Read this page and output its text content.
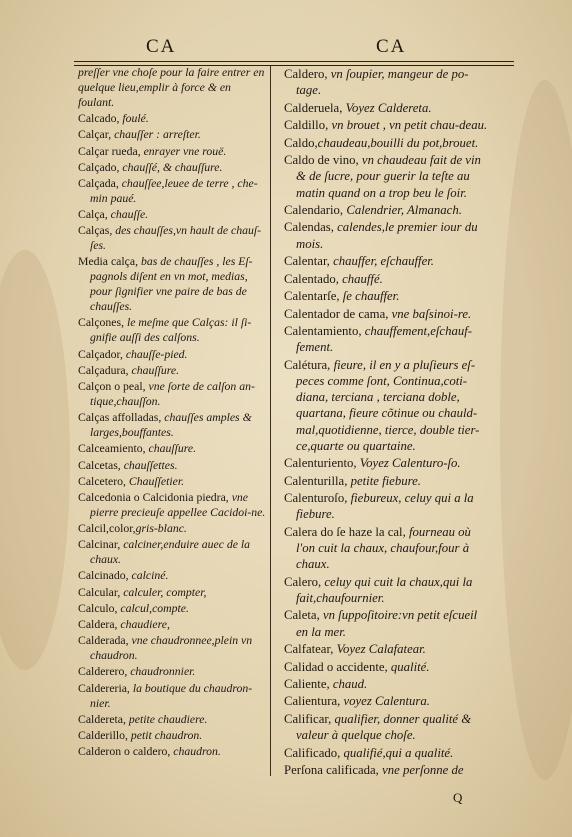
CA	CA

preſſer vne choſe pour la faire entrer en quelque lieu,emplir à force & en foulant.

Calcado, foulé.

Calçar, chauſſer : arreſter.

Calçar rueda, enrayer vne rouë.

Calçado, chauſſé, & chauſſure.

Calçada, chauſſee,leuee de terre , che-min paué.

Calça, chauſſe.

Calças, des chauſſes,vn hault de chauſ-ſes.

Media calça, bas de chauſſes , les Eſ-pagnols diſent en vn mot, medias, pour ſignifier vne paire de bas de chauſſes.

Calçones, le meſme que Calças: il ſi-gnifie auſſi des calſons.

Calçador, chauſſe-pied.

Calçadura, chauſſure.

Calçon o peal, vne ſorte de calſon an-tique,chauſſon.

Calças affolladas, chauſſes amples & larges,bouffantes.

Calceamiento, chauſſure.

Calcetas, chauſſettes.

Calcetero, Chauſſetier.

Calcedonia o Calcidonia piedra, vne pierre precieuſe appellee Cacidoi-ne.

Calcil,color,gris-blanc.

Calcinar, calciner,enduire auec de la chaux.

Calcinado, calciné.

Calcular, calculer, compter,

Calculo, calcul,compte.

Caldera, chaudiere,

Calderada, vne chaudronnee,plein vn chaudron.

Calderero, chaudronnier.

Caldereria, la boutique du chaudron-nier.

Caldereta, petite chaudiere.

Calderillo, petit chaudron.

Calderon o caldero, chaudron.

Caldero, vn ſoupier, mangeur de po-tage.

Calderuela, Voyez Caldereta.

Caldillo, vn brouet , vn petit chau-deau.

Caldo,chaudeau,bouilli du pot,brouet.

Caldo de vino, vn chaudeau fait de vin & de ſucre, pour guerir la teſte au matin quand on a trop beu le ſoir.

Calendario, Calendrier, Almanach.

Calendas, calendes,le premier iour du mois.

Calentar, chauffer, eſchauffer.

Calentado, chauffé.

Calentarſe, ſe chauffer.

Calentador de cama, vne baſsinoi-re.

Calentamiento, chauffement,eſchauf-fement.

Calétura, fieure, il en y a pluſieurs eſ-peces comme ſont, Continua,coti-diana, terciana , terciana doble, quartana, fieure cõtinue ou chauld-mal,quotidienne, tierce, double tier-ce,quarte ou quartaine.

Calenturiento, Voyez Calenturo-ſo.

Calenturilla, petite fiebure.

Calenturoſo, fiebureux, celuy qui a la fiebure.

Calera do ſe haze la cal, fourneau où l'on cuit la chaux, chaufour,four à chaux.

Calero, celuy qui cuit la chaux,qui la fait,chaufournier.

Caleta, vn ſuppoſitoire:vn petit eſcueil en la mer.

Calfatear, Voyez Calafatear.

Calidad o accidente, qualité.

Caliente, chaud.

Calientura, voyez Calentura.

Calificar, qualifier, donner qualité & valeur à quelque choſe.

Calificado, qualifié,qui a qualité.

Perſona calificada, vne perſonne de

Q
